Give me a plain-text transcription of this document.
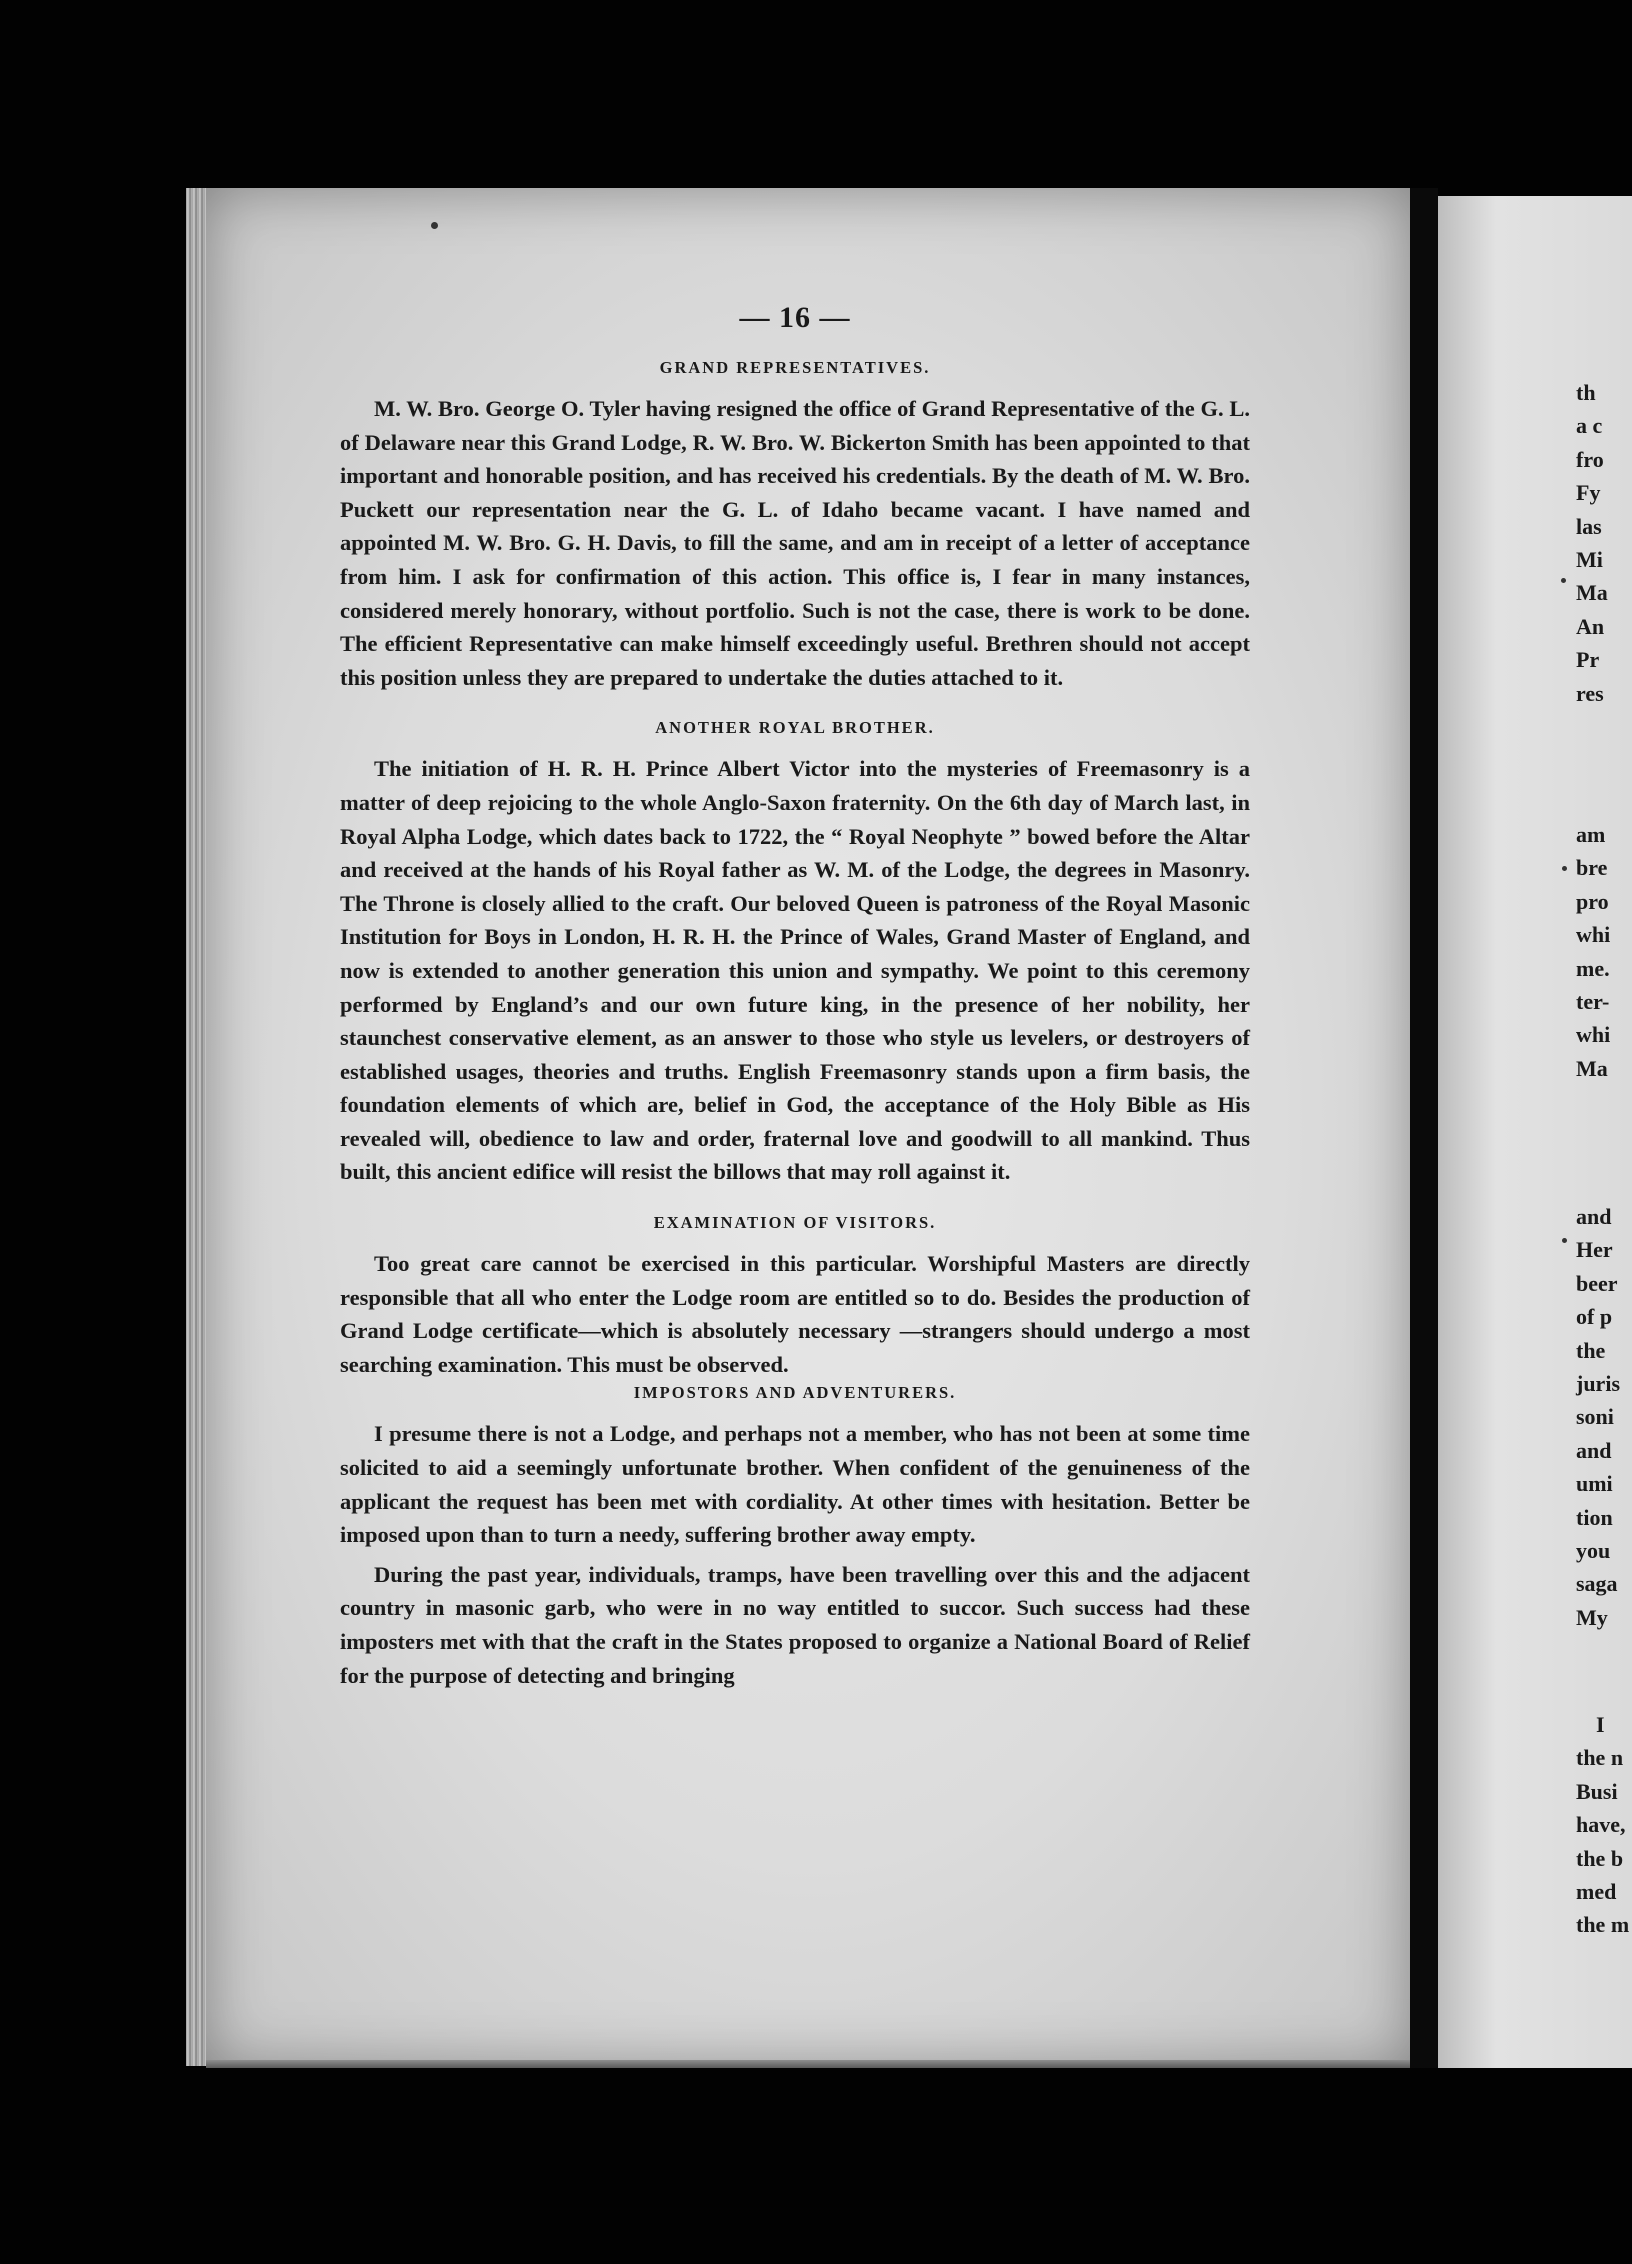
— 16 —
GRAND REPRESENTATIVES.

M. W. Bro. George O. Tyler having resigned the office of Grand Representative of the G. L. of Delaware near this Grand Lodge, R. W. Bro. W. Bickerton Smith has been appointed to that important and honorable position, and has received his credentials. By the death of M. W. Bro. Puckett our representation near the G. L. of Idaho became vacant. I have named and appointed M. W. Bro. G. H. Davis, to fill the same, and am in receipt of a letter of acceptance from him. I ask for confirmation of this action. This office is, I fear in many instances, considered merely honorary, without portfolio. Such is not the case, there is work to be done. The efficient Representative can make himself exceedingly useful. Brethren should not accept this position unless they are prepared to undertake the duties attached to it.

ANOTHER ROYAL BROTHER.

The initiation of H. R. H. Prince Albert Victor into the mysteries of Freemasonry is a matter of deep rejoicing to the whole Anglo-Saxon fraternity. On the 6th day of March last, in Royal Alpha Lodge, which dates back to 1722, the “ Royal Neophyte ” bowed before the Altar and received at the hands of his Royal father as W. M. of the Lodge, the degrees in Masonry. The Throne is closely allied to the craft. Our beloved Queen is patroness of the Royal Masonic Institution for Boys in London, H. R. H. the Prince of Wales, Grand Master of England, and now is extended to another generation this union and sympathy. We point to this ceremony performed by England’s and our own future king, in the presence of her nobility, her staunchest conservative element, as an answer to those who style us levelers, or destroyers of established usages, theories and truths. English Freemasonry stands upon a firm basis, the foundation elements of which are, belief in God, the acceptance of the Holy Bible as His revealed will, obedience to law and order, fraternal love and goodwill to all mankind. Thus built, this ancient edifice will resist the billows that may roll against it.

EXAMINATION OF VISITORS.

Too great care cannot be exercised in this particular. Worshipful Masters are directly responsible that all who enter the Lodge room are entitled so to do. Besides the production of Grand Lodge certificate—which is absolutely necessary —strangers should undergo a most searching examination. This must be observed.

IMPOSTORS AND ADVENTURERS.

I presume there is not a Lodge, and perhaps not a member, who has not been at some time solicited to aid a seemingly unfortunate brother. When confident of the genuineness of the applicant the request has been met with cordiality. At other times with hesitation. Better be imposed upon than to turn a needy, suffering brother away empty.

During the past year, individuals, tramps, have been travelling over this and the adjacent country in masonic garb, who were in no way entitled to succor. Such success had these imposters met with that the craft in the States proposed to organize a National Board of Relief for the purpose of detecting and bringing

th
a c
fro
Fy
las
Mi
Ma
An
Pr
res
am
bre
pro
whi
me.
ter-
whi
Ma
and
Her
beer
of p
the
juris
soni
and
umi
tion
you
saga
My
I
the n
Busi
have,
the b
med
the m
